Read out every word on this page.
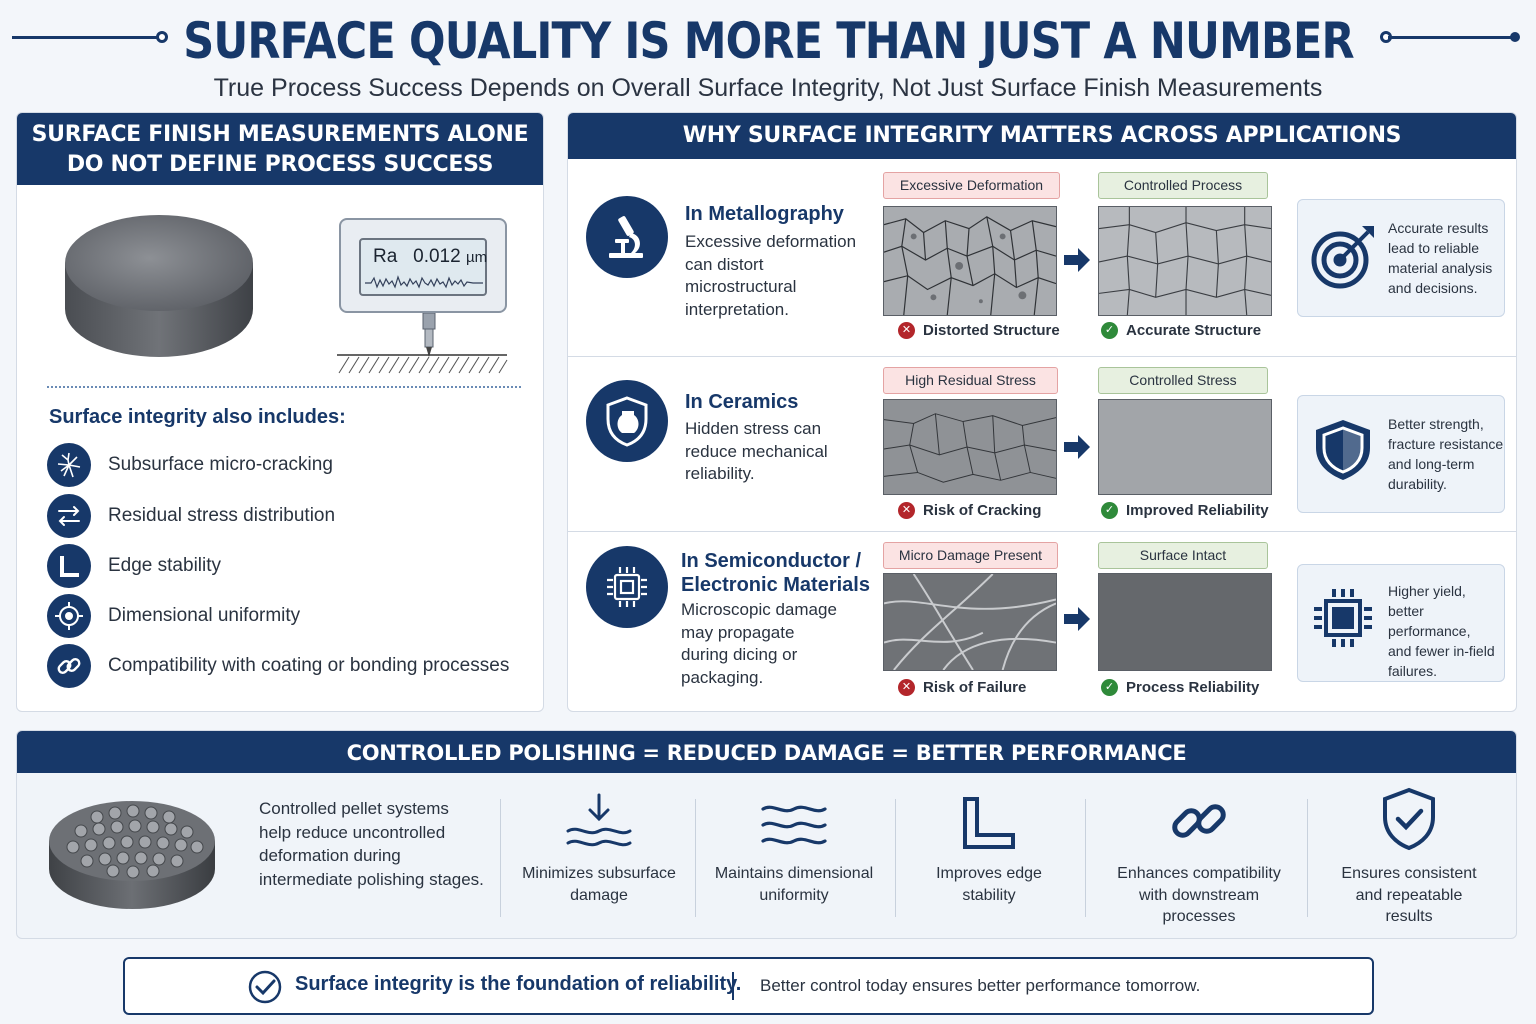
SURFACE QUALITY IS MORE THAN JUST A NUMBER
True Process Success Depends on Overall Surface Integrity, Not Just Surface Finish Measurements
SURFACE FINISH MEASUREMENTS ALONE
DO NOT DEFINE PROCESS SUCCESS
Ra 0.012 µm
Surface integrity also includes:
Subsurface micro-cracking
Residual stress distribution
Edge stability
Dimensional uniformity
Compatibility with coating or bonding processes
WHY SURFACE INTEGRITY MATTERS ACROSS APPLICATIONS
In Metallography
Excessive deformation
can distort
microstructural
interpretation.
Excessive Deformation	Controlled Process
✕ Distorted Structure	✓ Accurate Structure
Accurate results
lead to reliable
material analysis
and decisions.
In Ceramics
Hidden stress can
reduce mechanical
reliability.
High Residual Stress	Controlled Stress
✕ Risk of Cracking	✓ Improved Reliability
Better strength,
fracture resistance
and long-term
durability.
In Semiconductor /
Electronic Materials
Microscopic damage
may propagate
during dicing or
packaging.
Micro Damage Present	Surface Intact
✕ Risk of Failure	✓ Process Reliability
Higher yield,
better performance,
and fewer in-field
failures.
CONTROLLED POLISHING = REDUCED DAMAGE = BETTER PERFORMANCE
Controlled pellet systems
help reduce uncontrolled
deformation during
intermediate polishing stages.	Minimizes subsurface
damage
Maintains dimensional
uniformity
Improves edge
stability
Enhances compatibility
with downstream
processes
Ensures consistent
and repeatable
results
Surface integrity is the foundation of reliability. Better control today ensures better performance tomorrow.
